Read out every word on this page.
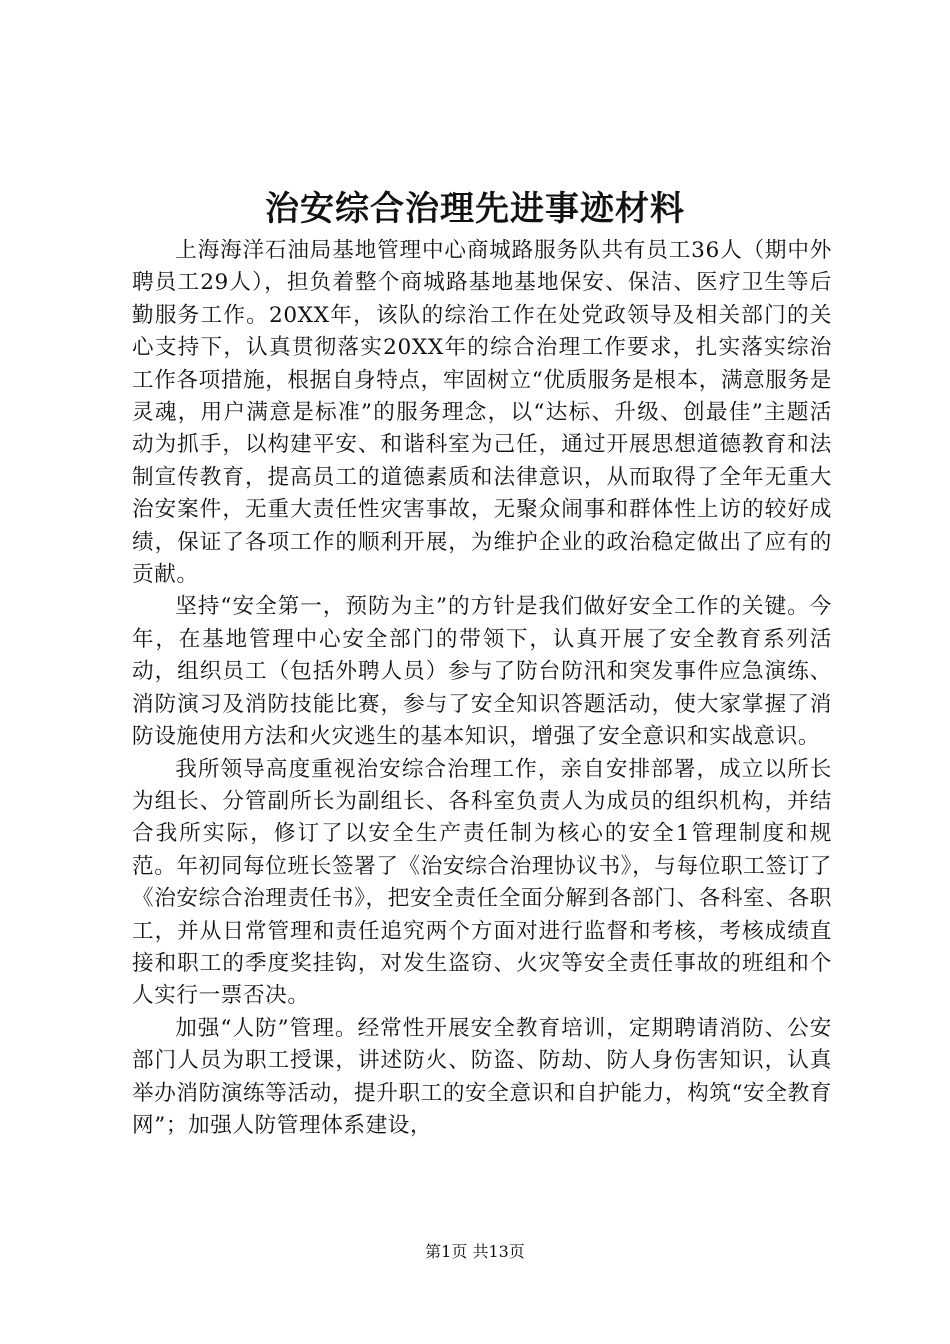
治安综合治理先进事迹材料

上海海洋石油局基地管理中心商城路服务队共有员工36人（期中外聘员工29人），担负着整个商城路基地基地保安、保洁、医疗卫生等后勤服务工作。20XX年，该队的综治工作在处党政领导及相关部门的关心支持下，认真贯彻落实20XX年的综合治理工作要求，扎实落实综治工作各项措施，根据自身特点，牢固树立“优质服务是根本，满意服务是灵魂，用户满意是标准”的服务理念，以“达标、升级、创最佳”主题活动为抓手，以构建平安、和谐科室为己任，通过开展思想道德教育和法制宣传教育，提高员工的道德素质和法律意识，从而取得了全年无重大治安案件，无重大责任性灾害事故，无聚众闹事和群体性上访的较好成绩，保证了各项工作的顺利开展，为维护企业的政治稳定做出了应有的贡献。

坚持“安全第一，预防为主”的方针是我们做好安全工作的关键。今年，在基地管理中心安全部门的带领下，认真开展了安全教育系列活动，组织员工（包括外聘人员）参与了防台防汛和突发事件应急演练、消防演习及消防技能比赛，参与了安全知识答题活动，使大家掌握了消防设施使用方法和火灾逃生的基本知识，增强了安全意识和实战意识。

我所领导高度重视治安综合治理工作，亲自安排部署，成立以所长为组长、分管副所长为副组长、各科室负责人为成员的组织机构，并结合我所实际，修订了以安全生产责任制为核心的安全1管理制度和规范。年初同每位班长签署了《治安综合治理协议书》，与每位职工签订了《治安综合治理责任书》，把安全责任全面分解到各部门、各科室、各职工，并从日常管理和责任追究两个方面对进行监督和考核，考核成绩直接和职工的季度奖挂钩，对发生盗窃、火灾等安全责任事故的班组和个人实行一票否决。

加强“人防”管理。经常性开展安全教育培训，定期聘请消防、公安部门人员为职工授课，讲述防火、防盗、防劫、防人身伤害知识，认真举办消防演练等活动，提升职工的安全意识和自护能力，构筑“安全教育网”；加强人防管理体系建设，

第1页 共13页
